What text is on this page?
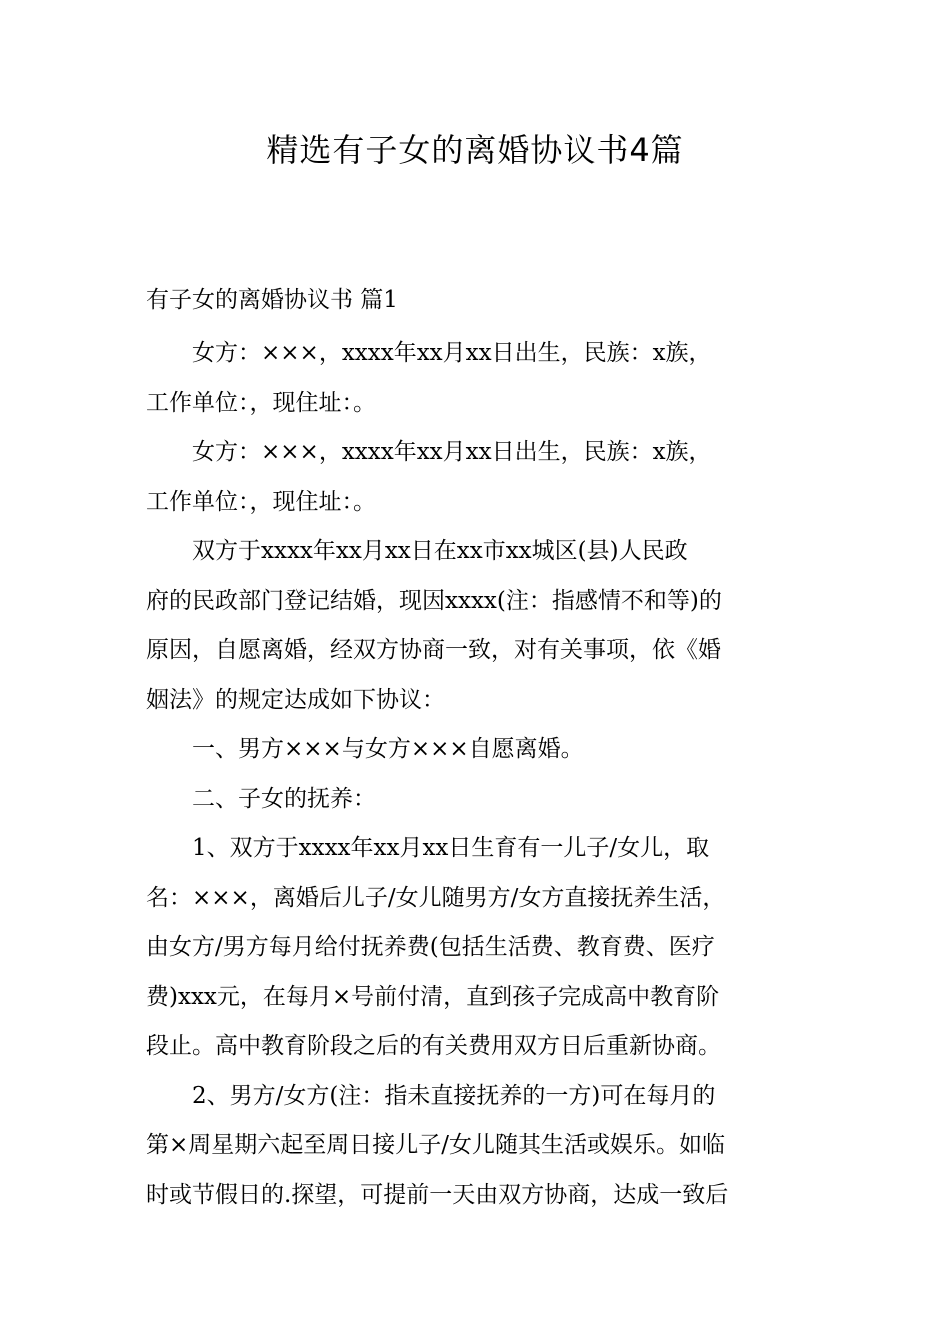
精选有子女的离婚协议书4篇
有子女的离婚协议书 篇1

女方：×××，xxxx年xx月xx日出生，民族：x族，
工作单位：，现住址：。

女方：×××，xxxx年xx月xx日出生，民族：x族，
工作单位：，现住址：。

双方于xxxx年xx月xx日在xx市xx城区(县)人民政
府的民政部门登记结婚，现因xxxx(注：指感情不和等)的
原因，自愿离婚，经双方协商一致，对有关事项，依《婚
姻法》的规定达成如下协议：

一、男方×××与女方×××自愿离婚。

二、子女的抚养：

1、双方于xxxx年xx月xx日生育有一儿子/女儿，取
名：×××，离婚后儿子/女儿随男方/女方直接抚养生活，
由女方/男方每月给付抚养费(包括生活费、教育费、医疗
费)xxx元，在每月×号前付清，直到孩子完成高中教育阶
段止。高中教育阶段之后的有关费用双方日后重新协商。

2、男方/女方(注：指未直接抚养的一方)可在每月的
第×周星期六起至周日接儿子/女儿随其生活或娱乐。如临
时或节假日的.探望，可提前一天由双方协商，达成一致后
